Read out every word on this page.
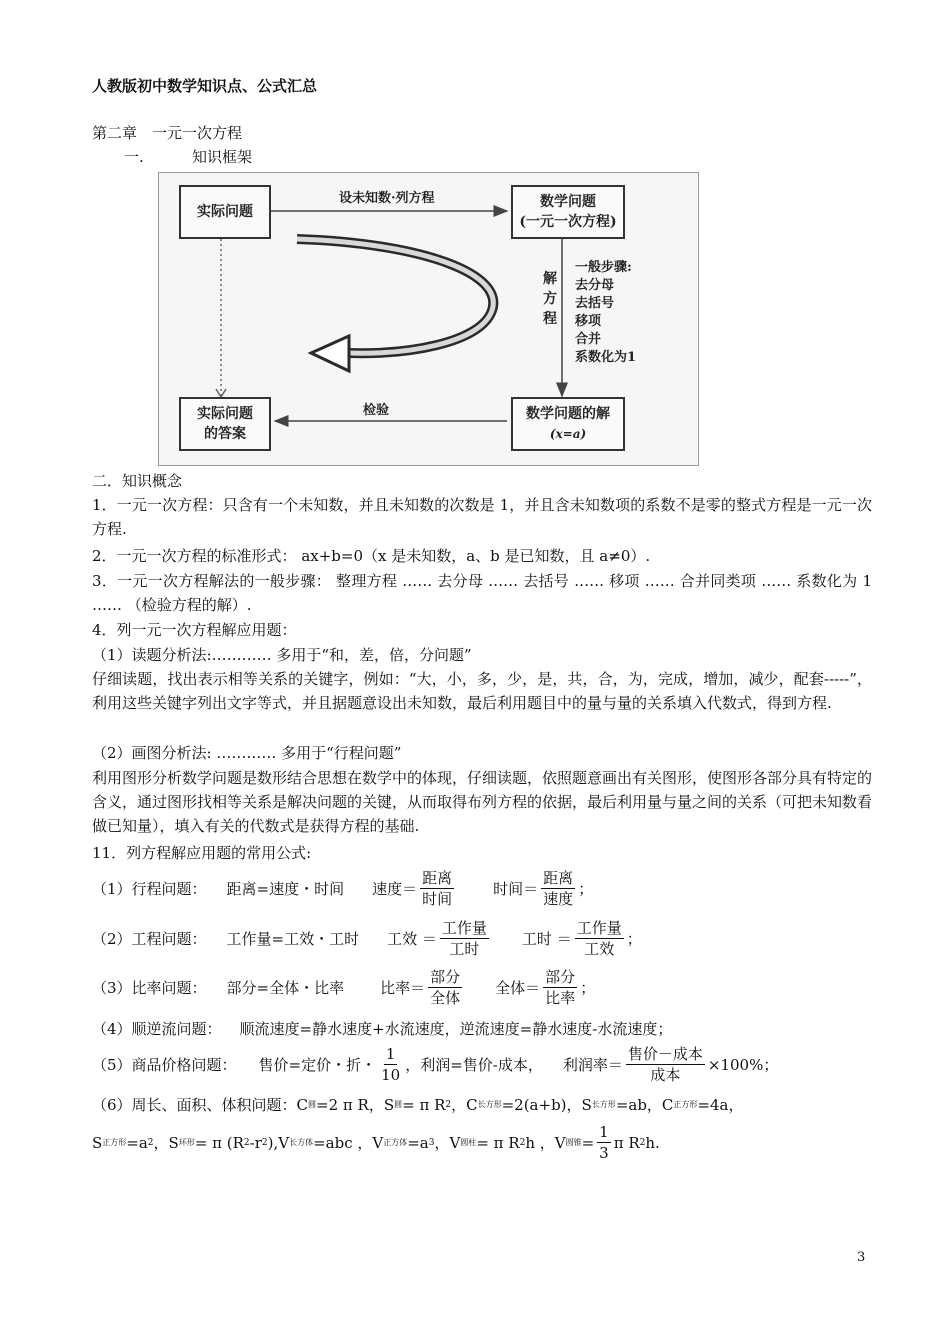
人教版初中数学知识点、公式汇总
第二章　一元一次方程
一.	知识框架
实际问题
数学问题
(一元一次方程)
实际问题
的答案
数学问题的解
(x=a)
设未知数·列方程
检验
解
方
程
一般步骤:
去分母
去括号
移项
合并
系数化为1
二．知识概念
1．一元一次方程：只含有一个未知数，并且未知数的次数是 1，并且含未知数项的系数不是零的整式方程是一元一次方程.
2．一元一次方程的标准形式： ax+b=0（x 是未知数，a、b 是已知数，且 a≠0）.
3．一元一次方程解法的一般步骤： 整理方程 …… 去分母 …… 去括号 …… 移项 …… 合并同类项 …… 系数化为 1 …… （检验方程的解）.
4．列一元一次方程解应用题：
（1）读题分析法:………… 多用于“和，差，倍，分问题”
仔细读题，找出表示相等关系的关键字，例如：“大，小，多，少，是，共，合，为，完成，增加，减少，配套-----”，利用这些关键字列出文字等式，并且据题意设出未知数，最后利用题目中的量与量的关系填入代数式，得到方程.
（2）画图分析法: ………… 多用于“行程问题”
利用图形分析数学问题是数形结合思想在数学中的体现，仔细读题，依照题意画出有关图形，使图形各部分具有特定的含义，通过图形找相等关系是解决问题的关键，从而取得布列方程的依据，最后利用量与量之间的关系（可把未知数看做已知量），填入有关的代数式是获得方程的基础.
11．列方程解应用题的常用公式:
（1）行程问题： 距离=速度・时间 速度＝ $\frac{\text{距离}}{\text{时间}}$	时间＝ $\frac{\text{距离}}{\text{速度}}$ ；
（2）工程问题： 工作量=工效・工时 工效 ＝ $\frac{\text{工作量}}{\text{工时}}$ 工时 ＝ $\frac{\text{工作量}}{\text{工效}}$ ；
（3）比率问题： 部分=全体・比率 比率＝ $\frac{\text{部分}}{\text{全体}}$ 全体＝ $\frac{\text{部分}}{\text{比率}}$ ；
（4）顺逆流问题： 顺流速度=静水速度+水流速度，逆流速度=静水速度-水流速度；
（5）商品价格问题： 售价=定价・折・ $\frac{1}{10}$ ，利润=售价-成本， 利润率＝ $\frac{\text{售价－成本}}{\text{成本}} \times 100\%$；
（6）周长、面积、体积问题：C 圆 =2 π R，S 圆 = π R 2 ，C 长方形 =2(a+b)，S 长方形 =ab，C 正方形 =4a，
S 正方形 =a 2 ，S 环形 = π (R 2 -r 2 ),V 长方体 =abc ，V 正方体 =a 3 ，V 圆柱 = π R 2 h ，V 圆锥 = $\frac{1}{3}$ π R 2 h.
3
